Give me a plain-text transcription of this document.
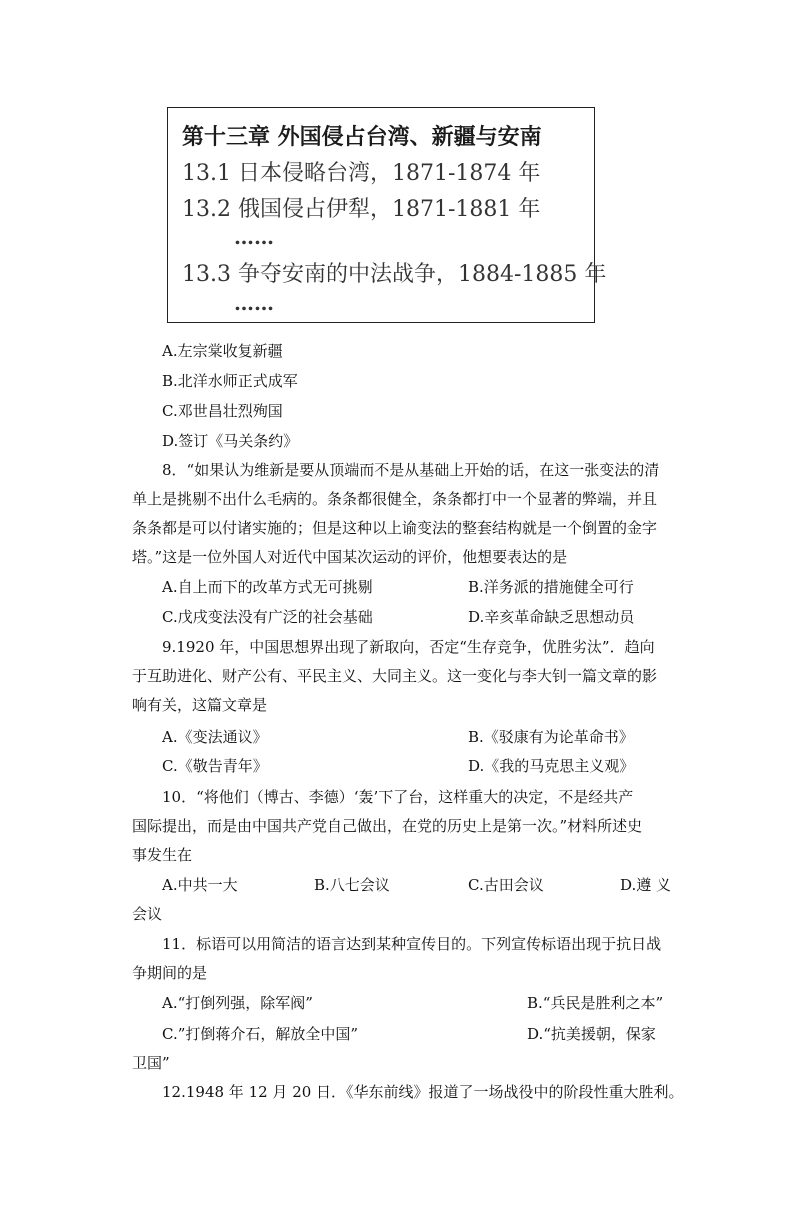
第十三章 外国侵占台湾、新疆与安南
13.1 日本侵略台湾，1871-1874 年
13.2 俄国侵占伊犁，1871-1881 年
……
13.3 争夺安南的中法战争，1884-1885 年
……
A.左宗棠收复新疆
B.北洋水师正式成军
C.邓世昌壮烈殉国
D.签订《马关条约》
8．“如果认为维新是要从顶端而不是从基础上开始的话，在这一张变法的清
单上是挑剔不出什么毛病的。条条都很健全，条条都打中一个显著的弊端，并且
条条都是可以付诸实施的；但是这种以上谕变法的整套结构就是一个倒置的金字
塔。”这是一位外国人对近代中国某次运动的评价，他想要表达的是
A.自上而下的改革方式无可挑剔	B.洋务派的措施健全可行
C.戊戌变法没有广泛的社会基础	D.辛亥革命缺乏思想动员
9.1920 年，中国思想界出现了新取向，否定“生存竞争，优胜劣汰”．趋向
于互助进化、财产公有、平民主义、大同主义。这一变化与李大钊一篇文章的影
响有关，这篇文章是
A.《变法通议》	B.《驳康有为论革命书》
C.《敬告青年》	D.《我的马克思主义观》
10．“将他们（博古、李德）‘轰’下了台，这样重大的决定，不是经共产
国际提出，而是由中国共产党自己做出，在党的历史上是第一次。”材料所述史
事发生在
A.中共一大	B.八七会议	C.古田会议	D.遵 义
会议
11．标语可以用简洁的语言达到某种宣传目的。下列宣传标语出现于抗日战
争期间的是
A.“打倒列强，除军阀”	B.“兵民是胜利之本”
C.”打倒蒋介石，解放全中国”	D.“抗美援朝，保家
卫国”
12.1948 年 12 月 20 日．《华东前线》报道了一场战役中的阶段性重大胜利。
